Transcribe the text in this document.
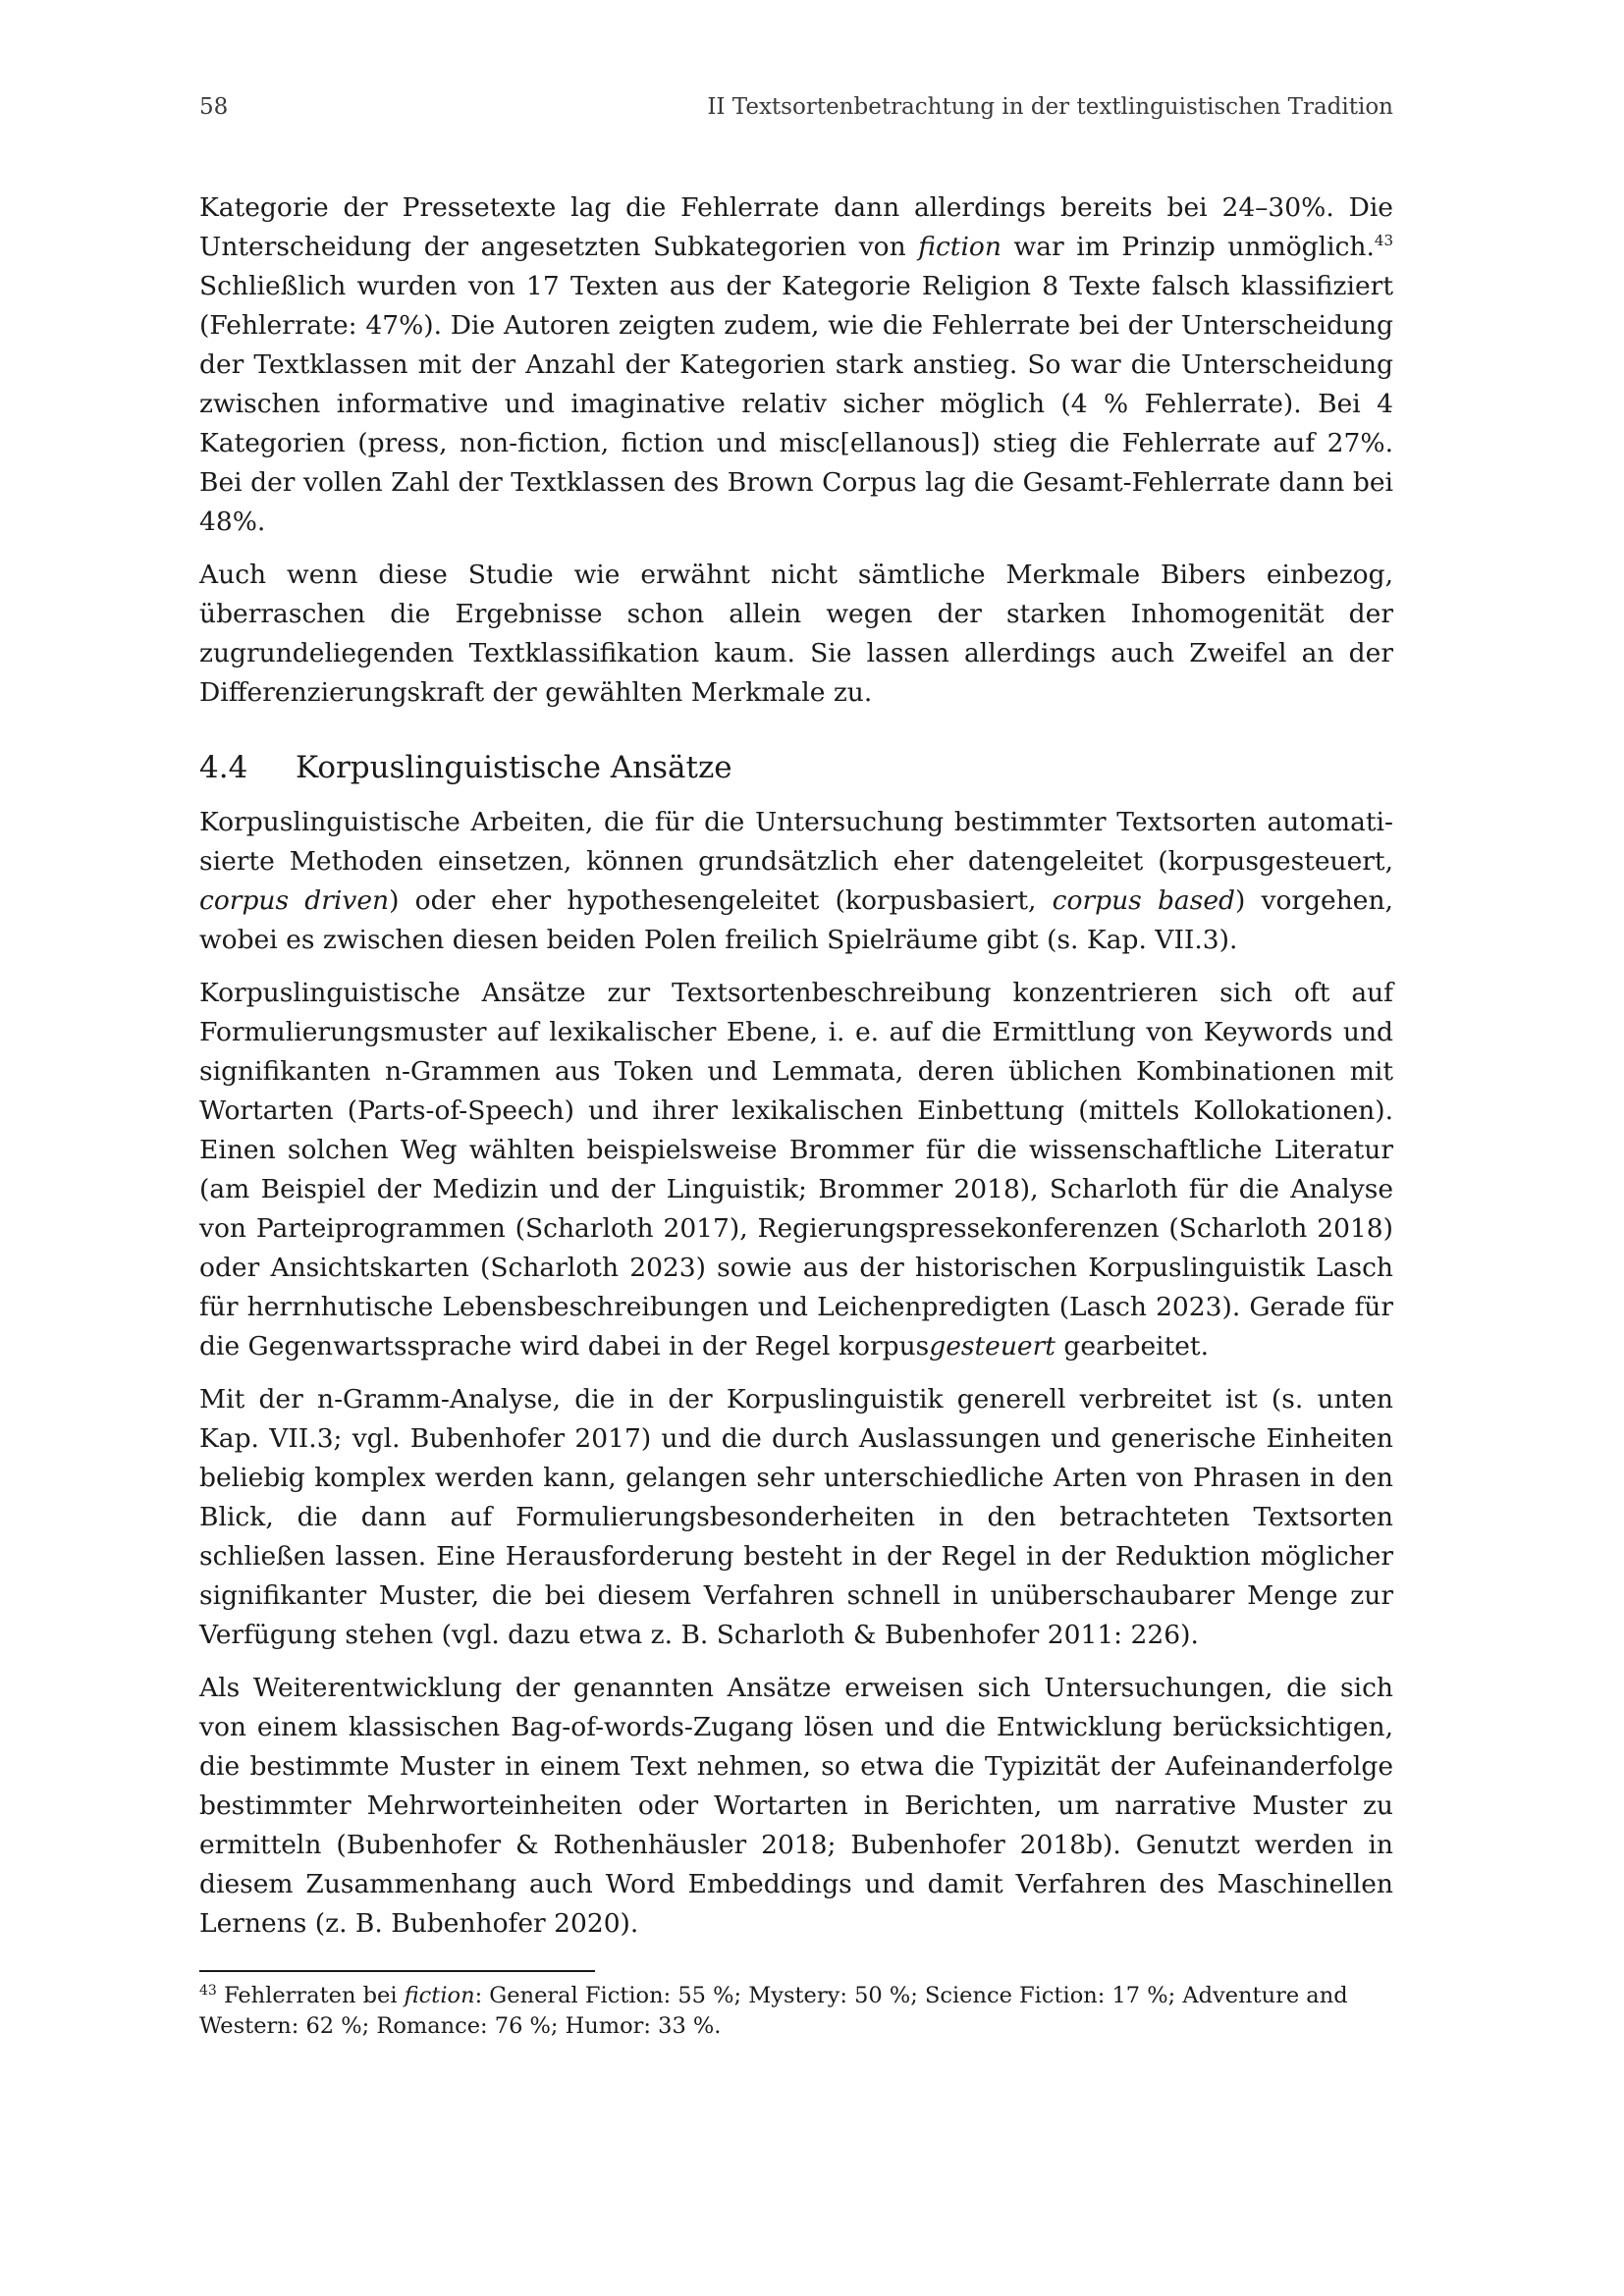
58	II Textsortenbetrachtung in der textlinguistischen Tradition

Kategorie der Pressetexte lag die Fehlerrate dann allerdings bereits bei 24–30%. Die Unterscheidung der angesetzten Subkategorien von fiction war im Prinzip unmöglich.$^{43}$ Schließlich wurden von 17 Texten aus der Kategorie Religion 8 Texte falsch klassifiziert (Fehlerrate: 47%). Die Autoren zeigten zudem, wie die Fehlerrate bei der Unterscheidung der Textklassen mit der Anzahl der Kategorien stark anstieg. So war die Unterscheidung zwischen informative und imaginative relativ sicher möglich (4 % Fehlerrate). Bei 4 Kategorien (press, non-fiction, fiction und misc[ellanous]) stieg die Fehlerrate auf 27%. Bei der vollen Zahl der Textklassen des Brown Corpus lag die Gesamt-Fehlerrate dann bei 48%.

Auch wenn diese Studie wie erwähnt nicht sämtliche Merkmale Bibers einbezog, überraschen die Ergebnisse schon allein wegen der starken Inhomogenität der zugrundeliegenden Textklassifikation kaum. Sie lassen allerdings auch Zweifel an der Differenzierungskraft der gewählten Merkmale zu.

4.4 Korpuslinguistische Ansätze

Korpuslinguistische Arbeiten, die für die Untersuchung bestimmter Textsorten automatisierte Methoden einsetzen, können grundsätzlich eher datengeleitet (korpusgesteuert, corpus driven) oder eher hypothesengeleitet (korpusbasiert, corpus based) vorgehen, wobei es zwischen diesen beiden Polen freilich Spielräume gibt (s. Kap. VII.3).

Korpuslinguistische Ansätze zur Textsortenbeschreibung konzentrieren sich oft auf Formulierungsmuster auf lexikalischer Ebene, i. e. auf die Ermittlung von Keywords und signifikanten n-Grammen aus Token und Lemmata, deren üblichen Kombinationen mit Wortarten (Parts-of-Speech) und ihrer lexikalischen Einbettung (mittels Kollokationen). Einen solchen Weg wählten beispielsweise Brommer für die wissenschaftliche Literatur (am Beispiel der Medizin und der Linguistik; Brommer 2018), Scharloth für die Analyse von Parteiprogrammen (Scharloth 2017), Regierungspressekonferenzen (Scharloth 2018) oder Ansichtskarten (Scharloth 2023) sowie aus der historischen Korpuslinguistik Lasch für herrnhutische Lebensbeschreibungen und Leichenpredigten (Lasch 2023). Gerade für die Gegenwartssprache wird dabei in der Regel korpusgesteuert gearbeitet.

Mit der n-Gramm-Analyse, die in der Korpuslinguistik generell verbreitet ist (s. unten Kap. VII.3; vgl. Bubenhofer 2017) und die durch Auslassungen und generische Einheiten beliebig komplex werden kann, gelangen sehr unterschiedliche Arten von Phrasen in den Blick, die dann auf Formulierungsbesonderheiten in den betrachteten Textsorten schließen lassen. Eine Herausforderung besteht in der Regel in der Reduktion möglicher signifikanter Muster, die bei diesem Verfahren schnell in unüberschaubarer Menge zur Verfügung stehen (vgl. dazu etwa z. B. Scharloth & Bubenhofer 2011: 226).

Als Weiterentwicklung der genannten Ansätze erweisen sich Untersuchungen, die sich von einem klassischen Bag-of-words-Zugang lösen und die Entwicklung berücksichtigen, die bestimmte Muster in einem Text nehmen, so etwa die Typizität der Aufeinanderfolge bestimmter Mehrworteinheiten oder Wortarten in Berichten, um narrative Muster zu ermitteln (Bubenhofer & Rothenhäusler 2018; Bubenhofer 2018b). Genutzt werden in diesem Zusammenhang auch Word Embeddings und damit Verfahren des Maschinellen Lernens (z. B. Bubenhofer 2020).

$^{43}$ Fehlerraten bei fiction: General Fiction: 55 %; Mystery: 50 %; Science Fiction: 17 %; Adventure and Western: 62 %; Romance: 76 %; Humor: 33 %.
